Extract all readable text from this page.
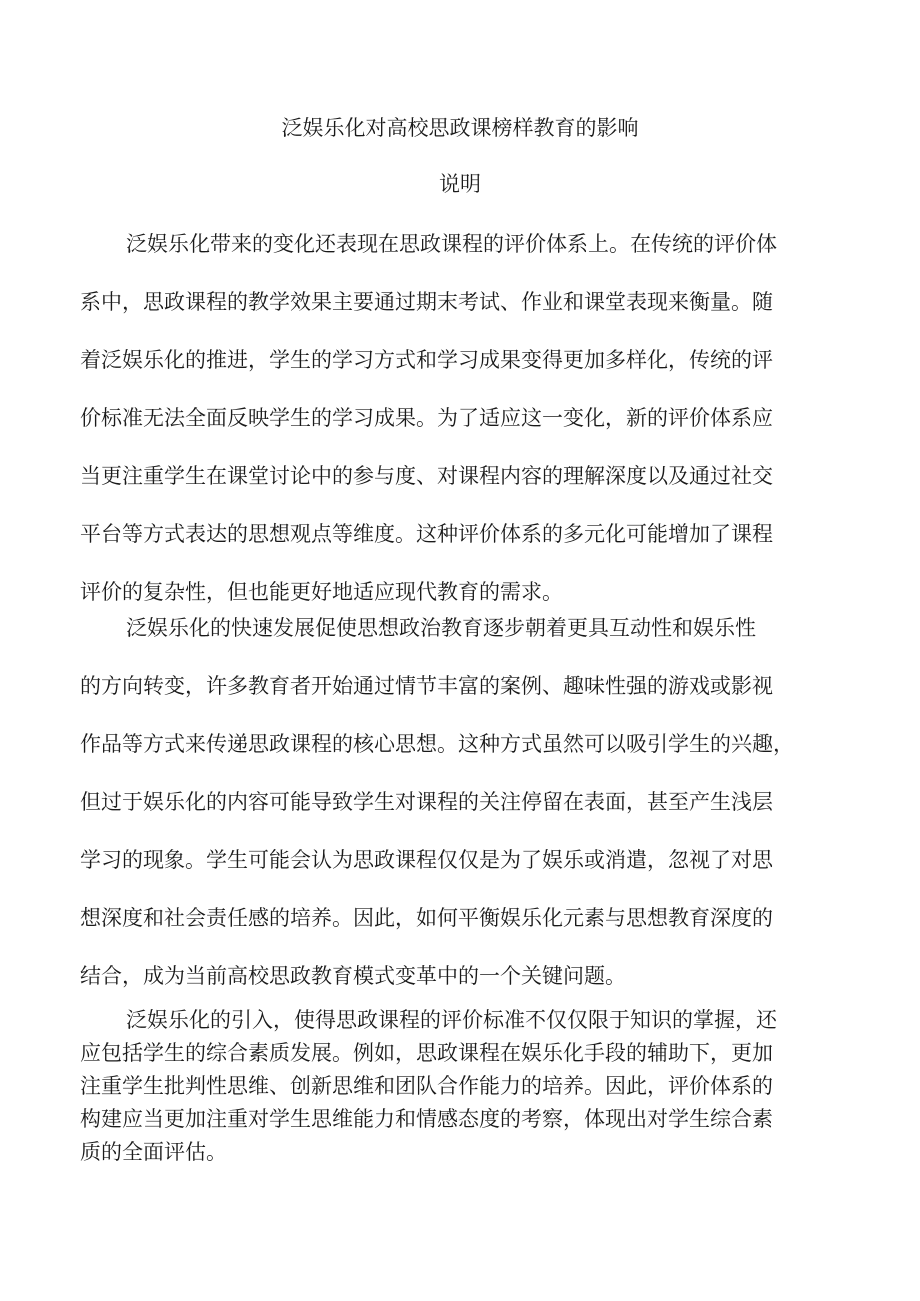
泛娱乐化对高校思政课榜样教育的影响
说明
泛娱乐化带来的变化还表现在思政课程的评价体系上。在传统的评价体
系中，思政课程的教学效果主要通过期末考试、作业和课堂表现来衡量。随
着泛娱乐化的推进，学生的学习方式和学习成果变得更加多样化，传统的评
价标准无法全面反映学生的学习成果。为了适应这一变化，新的评价体系应
当更注重学生在课堂讨论中的参与度、对课程内容的理解深度以及通过社交
平台等方式表达的思想观点等维度。这种评价体系的多元化可能增加了课程
评价的复杂性，但也能更好地适应现代教育的需求。
泛娱乐化的快速发展促使思想政治教育逐步朝着更具互动性和娱乐性
的方向转变，许多教育者开始通过情节丰富的案例、趣味性强的游戏或影视
作品等方式来传递思政课程的核心思想。这种方式虽然可以吸引学生的兴趣，
但过于娱乐化的内容可能导致学生对课程的关注停留在表面，甚至产生浅层
学习的现象。学生可能会认为思政课程仅仅是为了娱乐或消遣，忽视了对思
想深度和社会责任感的培养。因此，如何平衡娱乐化元素与思想教育深度的
结合，成为当前高校思政教育模式变革中的一个关键问题。
泛娱乐化的引入，使得思政课程的评价标准不仅仅限于知识的掌握，还
应包括学生的综合素质发展。例如，思政课程在娱乐化手段的辅助下，更加
注重学生批判性思维、创新思维和团队合作能力的培养。因此，评价体系的
构建应当更加注重对学生思维能力和情感态度的考察，体现出对学生综合素
质的全面评估。
